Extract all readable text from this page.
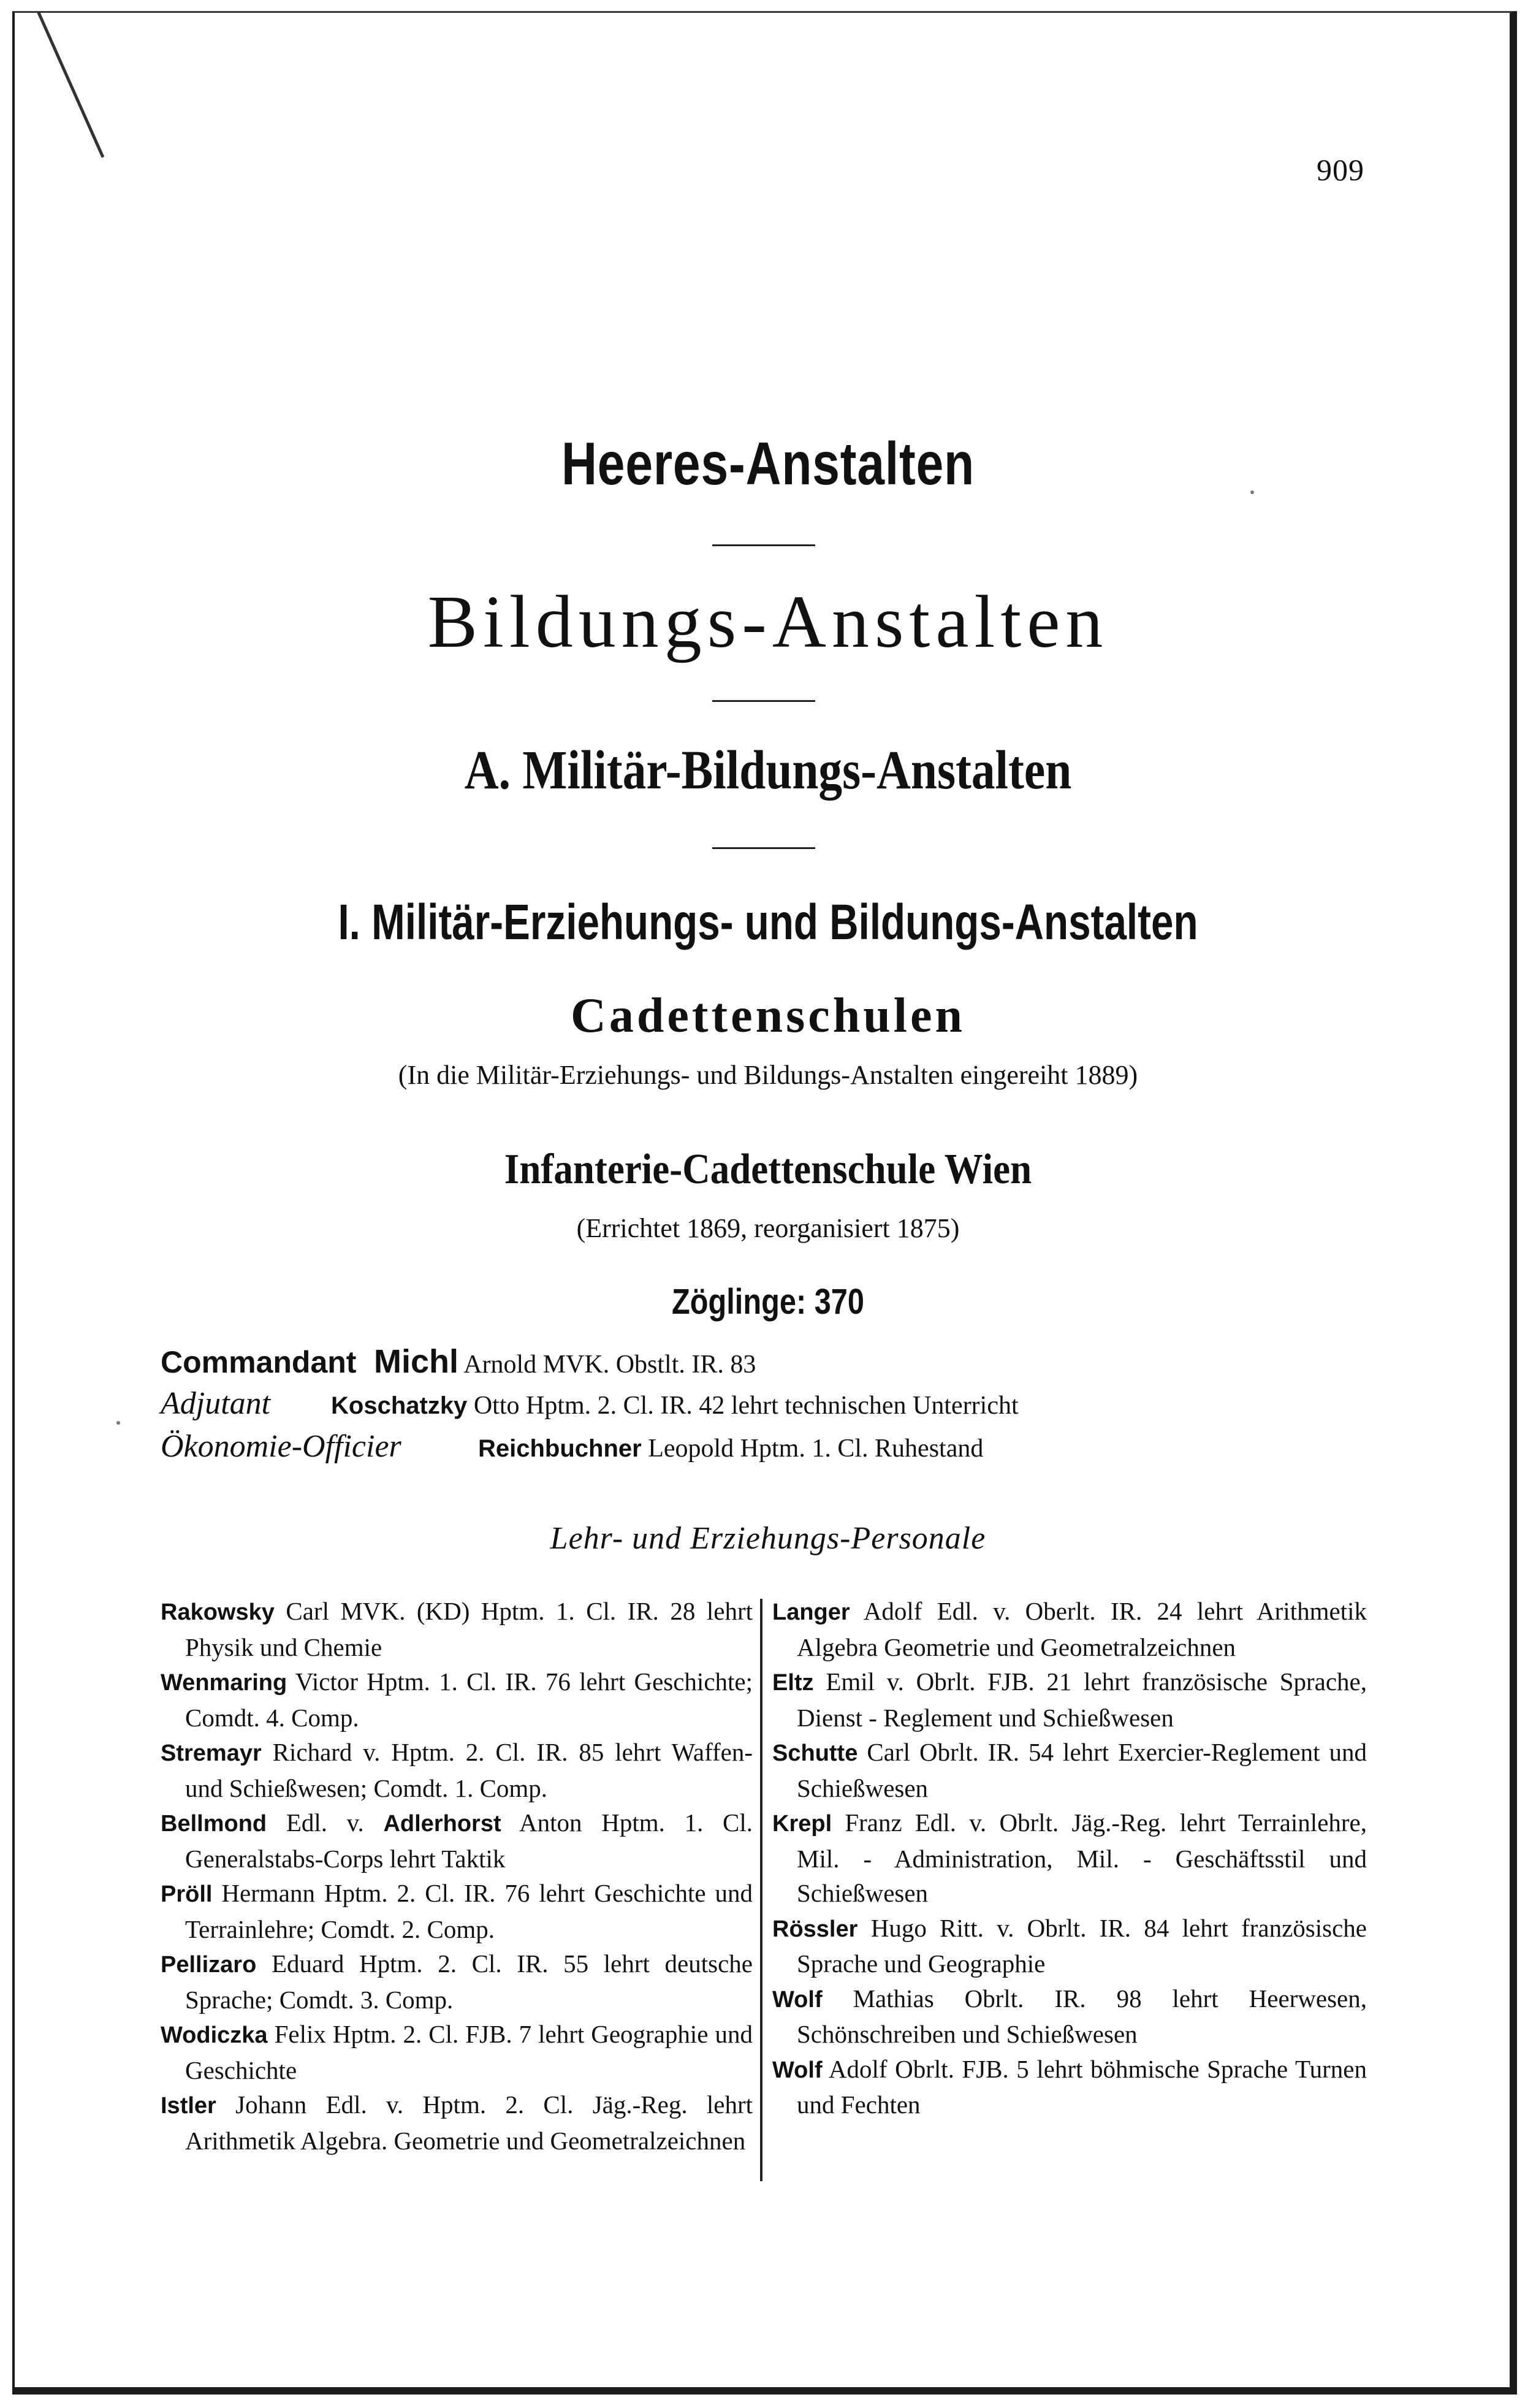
909
Heeres-Anstalten
Bildungs-Anstalten
A. Militär-Bildungs-Anstalten
I. Militär-Erziehungs- und Bildungs-Anstalten
Cadettenschulen
(In die Militär-Erziehungs- und Bildungs-Anstalten eingereiht 1889)
Infanterie-Cadettenschule Wien
(Errichtet 1869, reorganisiert 1875)
Zöglinge: 370
Commandant Michl Arnold MVK. Obstlt. IR. 83
Adjutant Koschatzky Otto Hptm. 2. Cl. IR. 42 lehrt technischen Unterricht
Ökonomie-Officier	Reichbuchner Leopold Hptm. 1. Cl. Ruhestand
Lehr- und Erziehungs-Personale

Rakowsky Carl MVK. (KD) Hptm. 1. Cl. IR. 28 lehrt Physik und Chemie

Wenmaring Victor Hptm. 1. Cl. IR. 76 lehrt Geschichte; Comdt. 4. Comp.

Stremayr Richard v. Hptm. 2. Cl. IR. 85 lehrt Waffen- und Schießwesen; Comdt. 1. Comp.

Bellmond Edl. v. Adlerhorst Anton Hptm. 1. Cl. Generalstabs-Corps lehrt Taktik

Pröll Hermann Hptm. 2. Cl. IR. 76 lehrt Geschichte und Terrainlehre; Comdt. 2. Comp.

Pellizaro Eduard Hptm. 2. Cl. IR. 55 lehrt deutsche Sprache; Comdt. 3. Comp.

Wodiczka Felix Hptm. 2. Cl. FJB. 7 lehrt Geographie und Geschichte

Istler Johann Edl. v. Hptm. 2. Cl. Jäg.-Reg. lehrt Arithmetik Algebra. Geometrie und Geometralzeichnen

Langer Adolf Edl. v. Oberlt. IR. 24 lehrt Arithmetik Algebra Geometrie und Geometralzeichnen

Eltz Emil v. Obrlt. FJB. 21 lehrt französische Sprache, Dienst - Reglement und Schießwesen

Schutte Carl Obrlt. IR. 54 lehrt Exercier-Reglement und Schießwesen

Krepl Franz Edl. v. Obrlt. Jäg.-Reg. lehrt Terrainlehre, Mil. - Administration, Mil. - Geschäftsstil und Schießwesen

Rössler Hugo Ritt. v. Obrlt. IR. 84 lehrt französische Sprache und Geographie

Wolf Mathias Obrlt. IR. 98 lehrt Heerwesen, Schönschreiben und Schießwesen

Wolf Adolf Obrlt. FJB. 5 lehrt böhmische Sprache Turnen und Fechten
